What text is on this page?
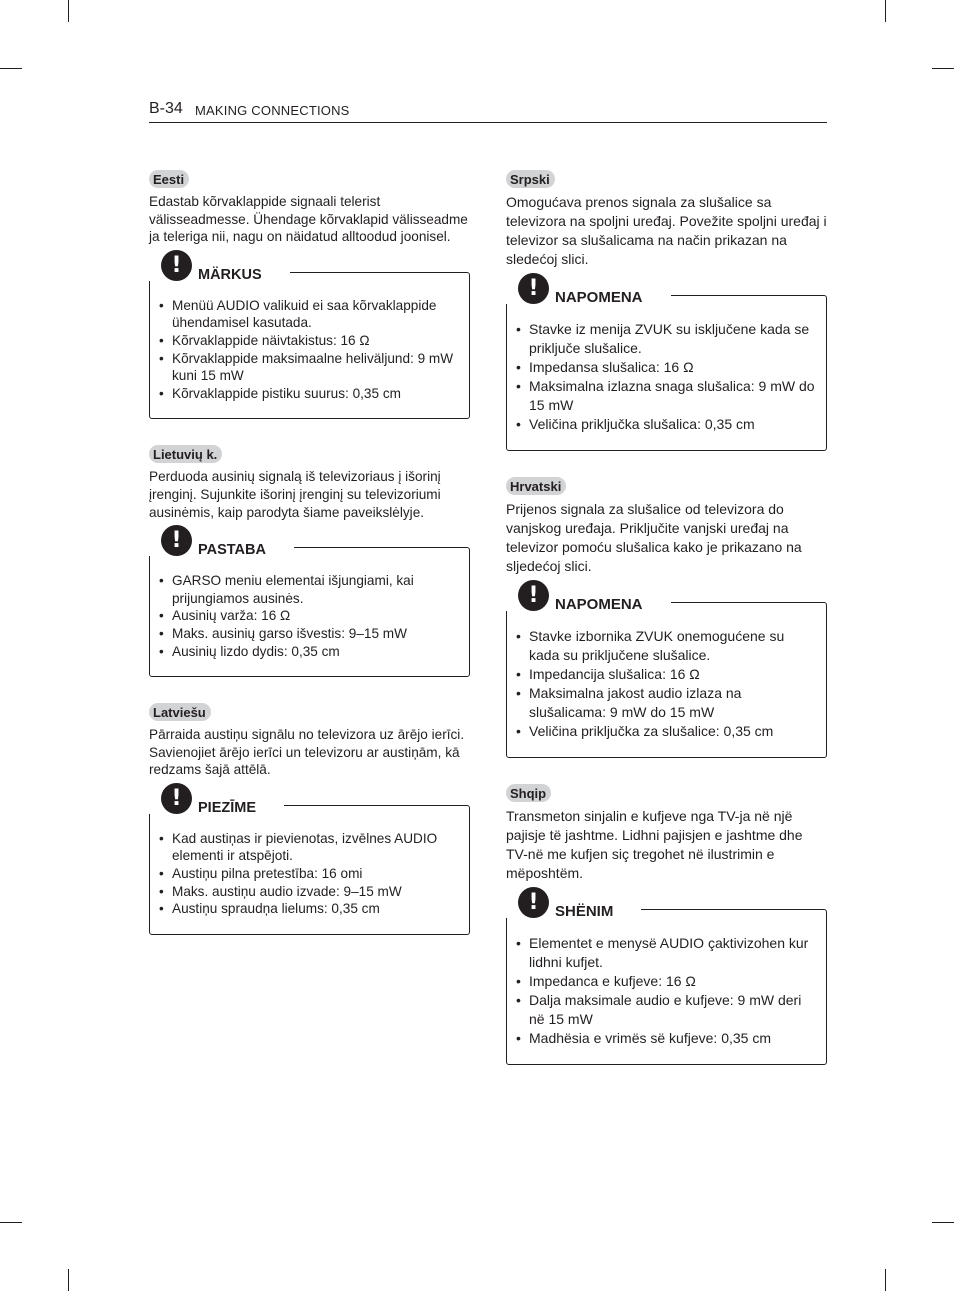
B-34 MAKING CONNECTIONS
Eesti
Edastab kõrvaklappide signaali telerist välisseadmesse. Ühendage kõrvaklapid välisseadme ja teleriga nii, nagu on näidatud alltoodud joonisel.
!	MÄRKUS
• Menüü AUDIO valikuid ei saa kõrvaklappide ühendamisel kasutada.
• Kõrvaklappide näivtakistus: 16 Ω
• Kõrvaklappide maksimaalne heliväljund: 9 mW kuni 15 mW
• Kõrvaklappide pistiku suurus: 0,35 cm
Lietuvių k.
Perduoda ausinių signalą iš televizoriaus į išorinį įrenginį. Sujunkite išorinį įrenginį su televizoriumi ausinėmis, kaip parodyta šiame paveikslėlyje.
!	PASTABA
• GARSO meniu elementai išjungiami, kai prijungiamos ausinės.
• Ausinių varža: 16 Ω
• Maks. ausinių garso išvestis: 9–15 mW
• Ausinių lizdo dydis: 0,35 cm
Latviešu
Pārraida austiņu signālu no televizora uz ārējo ierīci. Savienojiet ārējo ierīci un televizoru ar austiņām, kā redzams šajā attēlā.
!	PIEZĪME
• Kad austiņas ir pievienotas, izvēlnes AUDIO elementi ir atspējoti.
• Austiņu pilna pretestība: 16 omi
• Maks. austiņu audio izvade: 9–15 mW
• Austiņu spraudņa lielums: 0,35 cm
Srpski
Omogućava prenos signala za slušalice sa televizora na spoljni uređaj. Povežite spoljni uređaj i televizor sa slušalicama na način prikazan na sledećoj slici.
!	NAPOMENA
• Stavke iz menija ZVUK su isključene kada se priključe slušalice.
• Impedansa slušalica: 16 Ω
• Maksimalna izlazna snaga slušalica: 9 mW do 15 mW
• Veličina priključka slušalica: 0,35 cm
Hrvatski
Prijenos signala za slušalice od televizora do vanjskog uređaja. Priključite vanjski uređaj na televizor pomoću slušalica kako je prikazano na sljedećoj slici.
!	NAPOMENA
• Stavke izbornika ZVUK onemogućene su kada su priključene slušalice.
• Impedancija slušalica: 16 Ω
• Maksimalna jakost audio izlaza na slušalicama: 9 mW do 15 mW
• Veličina priključka za slušalice: 0,35 cm
Shqip
Transmeton sinjalin e kufjeve nga TV-ja në një pajisje të jashtme. Lidhni pajisjen e jashtme dhe TV-në me kufjen siç tregohet në ilustrimin e mëposhtëm.
!	SHËNIM
• Elementet e menysë AUDIO çaktivizohen kur lidhni kufjet.
• Impedanca e kufjeve: 16 Ω
• Dalja maksimale audio e kufjeve: 9 mW deri në 15 mW
• Madhësia e vrimës së kufjeve: 0,35 cm
